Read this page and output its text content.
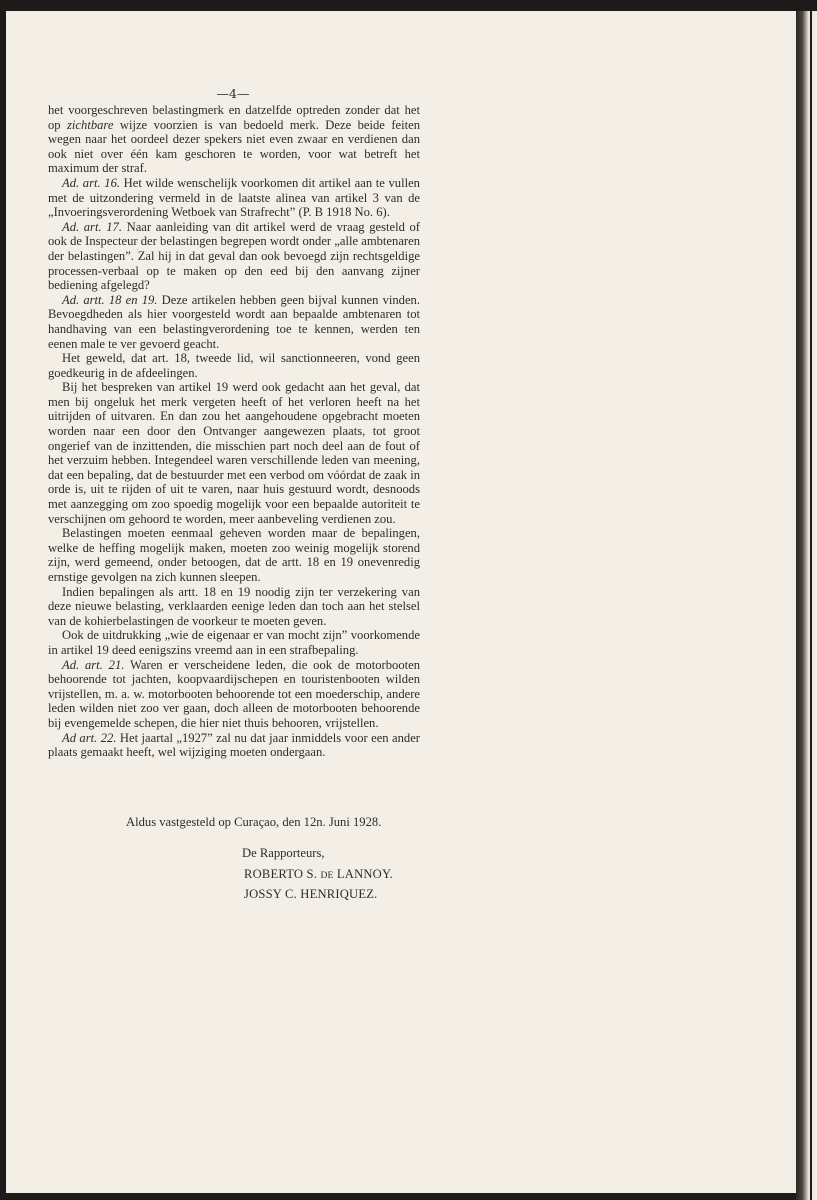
—4—

het voorgeschreven belastingmerk en datzelfde optreden zonder dat het op zichtbare wijze voorzien is van bedoeld merk. Deze beide feiten wegen naar het oordeel dezer spekers niet even zwaar en verdienen dan ook niet over één kam geschoren te worden, voor wat betreft het maximum der straf.

Ad. art. 16. Het wilde wenschelijk voorkomen dit artikel aan te vullen met de uitzondering vermeld in de laatste alinea van artikel 3 van de „Invoeringsverordening Wetboek van Strafrecht” (P. B 1918 No. 6).

Ad. art. 17. Naar aanleiding van dit artikel werd de vraag gesteld of ook de Inspecteur der belastingen begrepen wordt onder „alle ambtenaren der belastingen”. Zal hij in dat geval dan ook bevoegd zijn rechtsgeldige processen-verbaal op te maken op den eed bij den aanvang zijner bediening afgelegd?

Ad. artt. 18 en 19. Deze artikelen hebben geen bijval kunnen vinden. Bevoegdheden als hier voorgesteld wordt aan bepaalde ambtenaren tot handhaving van een belastingverordening toe te kennen, werden ten eenen male te ver gevoerd geacht.

Het geweld, dat art. 18, tweede lid, wil sanctionneeren, vond geen goedkeurig in de afdeelingen.

Bij het bespreken van artikel 19 werd ook gedacht aan het geval, dat men bij ongeluk het merk vergeten heeft of het verloren heeft na het uitrijden of uitvaren. En dan zou het aangehoudene opgebracht moeten worden naar een door den Ontvanger aangewezen plaats, tot groot ongerief van de inzittenden, die misschien part noch deel aan de fout of het verzuim hebben. Integendeel waren verschillende leden van meening, dat een bepaling, dat de bestuurder met een verbod om vóórdat de zaak in orde is, uit te rijden of uit te varen, naar huis gestuurd wordt, desnoods met aanzegging om zoo spoedig mogelijk voor een bepaalde autoriteit te verschijnen om gehoord te worden, meer aanbeveling verdienen zou.

Belastingen moeten eenmaal geheven worden maar de bepalingen, welke de heffing mogelijk maken, moeten zoo weinig mogelijk storend zijn, werd gemeend, onder betoogen, dat de artt. 18 en 19 onevenredig ernstige gevolgen na zich kunnen sleepen.

Indien bepalingen als artt. 18 en 19 noodig zijn ter verzekering van deze nieuwe belasting, verklaarden eenige leden dan toch aan het stelsel van de kohierbelastingen de voorkeur te moeten geven.

Ook de uitdrukking „wie de eigenaar er van mocht zijn” voorkomende in artikel 19 deed eenigszins vreemd aan in een strafbepaling.

Ad. art. 21. Waren er verscheidene leden, die ook de motorbooten behoorende tot jachten, koopvaardijschepen en touristenbooten wilden vrijstellen, m. a. w. motorbooten behoorende tot een moederschip, andere leden wilden niet zoo ver gaan, doch alleen de motorbooten behoorende bij evengemelde schepen, die hier niet thuis behooren, vrijstellen.

Ad art. 22. Het jaartal „1927” zal nu dat jaar inmiddels voor een ander plaats gemaakt heeft, wel wijziging moeten ondergaan.

Aldus vastgesteld op Curaçao, den 12n. Juni 1928.
De Rapporteurs,
ROBERTO S. DE LANNOY.
JOSSY C. HENRIQUEZ.
